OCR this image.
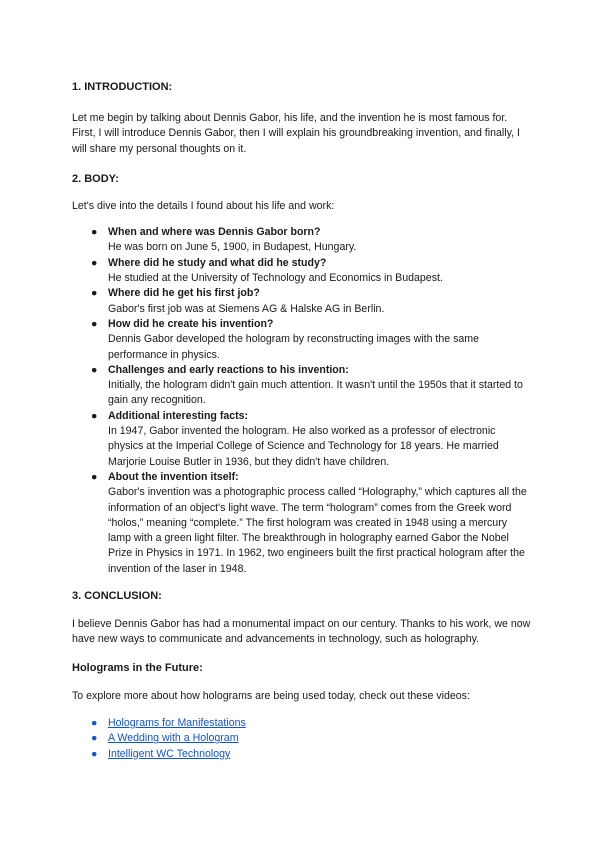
1. INTRODUCTION:

Let me begin by talking about Dennis Gabor, his life, and the invention he is most famous for. First, I will introduce Dennis Gabor, then I will explain his groundbreaking invention, and finally, I will share my personal thoughts on it.

2. BODY:

Let's dive into the details I found about his life and work:

● When and where was Dennis Gabor born?
He was born on June 5, 1900, in Budapest, Hungary.
● Where did he study and what did he study?
He studied at the University of Technology and Economics in Budapest.
● Where did he get his first job?
Gabor's first job was at Siemens AG & Halske AG in Berlin.
● How did he create his invention?
Dennis Gabor developed the hologram by reconstructing images with the same performance in physics.
● Challenges and early reactions to his invention:
Initially, the hologram didn't gain much attention. It wasn't until the 1950s that it started to gain any recognition.
● Additional interesting facts:
In 1947, Gabor invented the hologram. He also worked as a professor of electronic physics at the Imperial College of Science and Technology for 18 years. He married Marjorie Louise Butler in 1936, but they didn't have children.
● About the invention itself:
Gabor's invention was a photographic process called “Holography,” which captures all the information of an object's light wave. The term “hologram” comes from the Greek word “holos,” meaning “complete.” The first hologram was created in 1948 using a mercury lamp with a green light filter. The breakthrough in holography earned Gabor the Nobel Prize in Physics in 1971. In 1962, two engineers built the first practical hologram after the invention of the laser in 1948.

3. CONCLUSION:

I believe Dennis Gabor has had a monumental impact on our century. Thanks to his work, we now have new ways to communicate and advancements in technology, such as holography.

Holograms in the Future:

To explore more about how holograms are being used today, check out these videos:

● Holograms for Manifestations
● A Wedding with a Hologram
● Intelligent WC Technology
